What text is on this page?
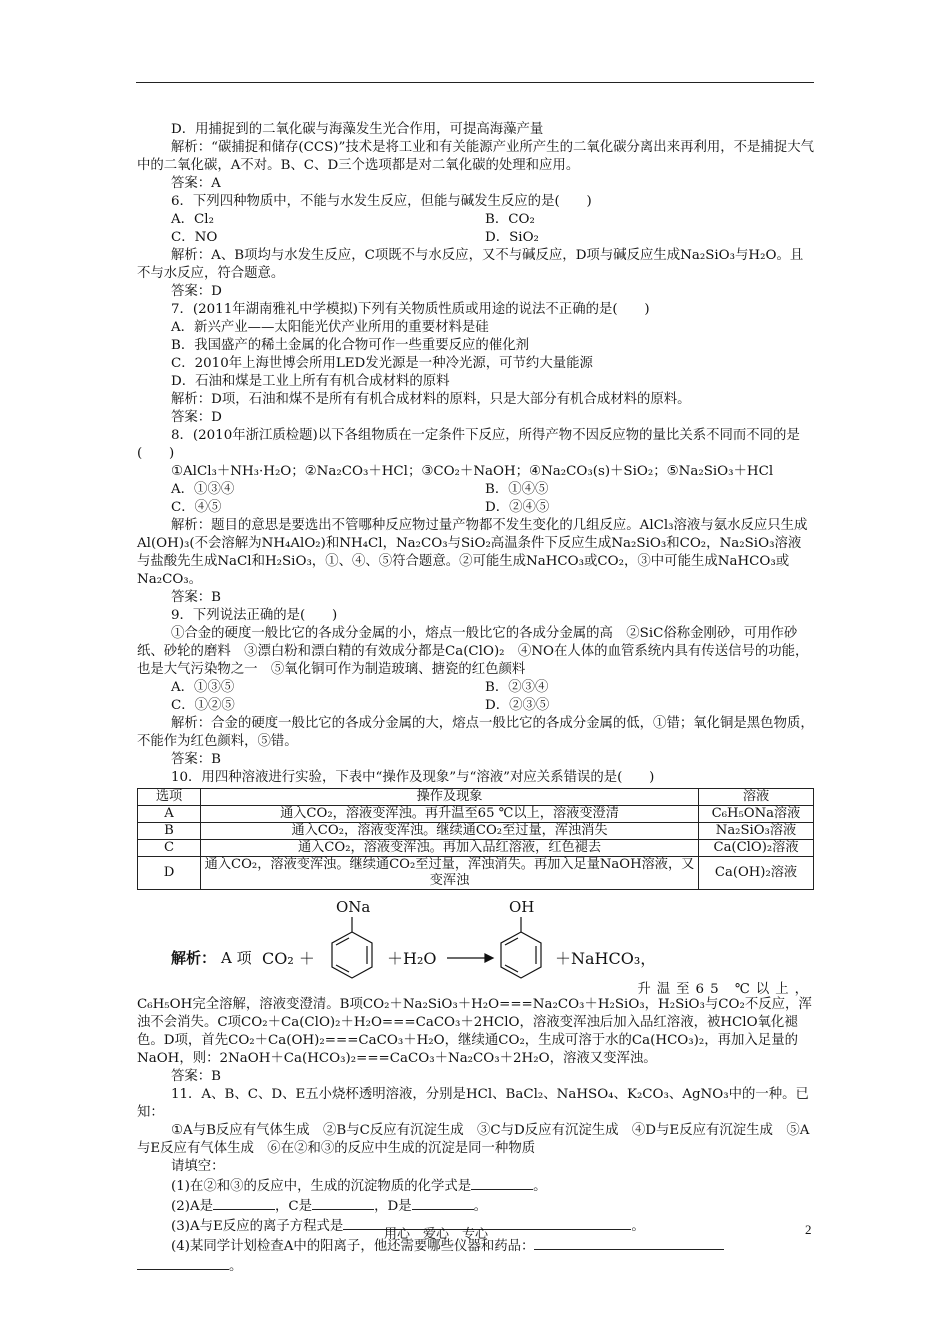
D．用捕捉到的二氧化碳与海藻发生光合作用，可提高海藻产量
解析：“碳捕捉和储存(CCS)”技术是将工业和有关能源产业所产生的二氧化碳分离出来再利用，不是捕捉大气中的二氧化碳，A不对。B、C、D三个选项都是对二氧化碳的处理和应用。
答案：A
6．下列四种物质中，不能与水发生反应，但能与碱发生反应的是(　　)
A．Cl₂	B．CO₂
C．NO	D．SiO₂
解析：A、B项均与水发生反应，C项既不与水反应，又不与碱反应，D项与碱反应生成Na₂SiO₃与H₂O。且不与水反应，符合题意。
答案：D
7．(2011年湖南雅礼中学模拟)下列有关物质性质或用途的说法不正确的是(　　)
A．新兴产业——太阳能光伏产业所用的重要材料是硅
B．我国盛产的稀土金属的化合物可作一些重要反应的催化剂
C．2010年上海世博会所用LED发光源是一种冷光源，可节约大量能源
D．石油和煤是工业上所有有机合成材料的原料
解析：D项，石油和煤不是所有有机合成材料的原料，只是大部分有机合成材料的原料。
答案：D
8．(2010年浙江质检题)以下各组物质在一定条件下反应，所得产物不因反应物的量比关系不同而不同的是(　　)
①AlCl₃＋NH₃·H₂O；②Na₂CO₃＋HCl；③CO₂＋NaOH；④Na₂CO₃(s)＋SiO₂；⑤Na₂SiO₃＋HCl
A．①③④	B．①④⑤
C．④⑤	D．②④⑤
解析：题目的意思是要选出不管哪种反应物过量产物都不发生变化的几组反应。AlCl₃溶液与氨水反应只生成Al(OH)₃(不会溶解为NH₄AlO₂)和NH₄Cl，Na₂CO₃与SiO₂高温条件下反应生成Na₂SiO₃和CO₂，Na₂SiO₃溶液与盐酸先生成NaCl和H₂SiO₃，①、④、⑤符合题意。②可能生成NaHCO₃或CO₂，③中可能生成NaHCO₃或Na₂CO₃。
答案：B
9．下列说法正确的是(　　)
①合金的硬度一般比它的各成分金属的小，熔点一般比它的各成分金属的高　②SiC俗称金刚砂，可用作砂纸、砂轮的磨料　③漂白粉和漂白精的有效成分都是Ca(ClO)₂　④NO在人体的血管系统内具有传送信号的功能，也是大气污染物之一　⑤氧化铜可作为制造玻璃、搪瓷的红色颜料
A．①③⑤	B．②③④
C．①②⑤	D．②③⑤
解析：合金的硬度一般比它的各成分金属的大，熔点一般比它的各成分金属的低，①错；氧化铜是黑色物质，不能作为红色颜料，⑤错。
答案：B
10．用四种溶液进行实验，下表中“操作及现象”与“溶液”对应关系错误的是(　　)
选项	操作及现象	溶液
A	通入CO₂，溶液变浑浊。再升温至65 ℃以上，溶液变澄清	C₆H₅ONa溶液
B	通入CO₂，溶液变浑浊。继续通CO₂至过量，浑浊消失	Na₂SiO₃溶液
C	通入CO₂，溶液变浑浊。再加入品红溶液，红色褪去	Ca(ClO)₂溶液
D	通入CO₂，溶液变浑浊。继续通CO₂至过量，浑浊消失。再加入足量NaOH溶液，又变浑浊	Ca(OH)₂溶液
CO₂ ＋
ONa
＋H₂O
OH
＋NaHCO₃，
解析： A 项
升温至65 ℃以上，
C₆H₅OH完全溶解，溶液变澄清。B项CO₂＋Na₂SiO₃＋H₂O===Na₂CO₃＋H₂SiO₃，H₂SiO₃与CO₂不反应，浑浊不会消失。C项CO₂＋Ca(ClO)₂＋H₂O===CaCO₃＋2HClO，溶液变浑浊后加入品红溶液，被HClO氧化褪色。D项，首先CO₂＋Ca(OH)₂===CaCO₃＋H₂O，继续通CO₂，生成可溶于水的Ca(HCO₃)₂，再加入足量的NaOH，则：2NaOH＋Ca(HCO₃)₂===CaCO₃＋Na₂CO₃＋2H₂O，溶液又变浑浊。
答案：B
11．A、B、C、D、E五小烧杯透明溶液，分别是HCl、BaCl₂、NaHSO₄、K₂CO₃、AgNO₃中的一种。已知：
①A与B反应有气体生成　②B与C反应有沉淀生成　③C与D反应有沉淀生成　④D与E反应有沉淀生成　⑤A与E反应有气体生成　⑥在②和③的反应中生成的沉淀是同一种物质
请填空：
(1)在②和③的反应中，生成的沉淀物质的化学式是	。
(2)A是	，C是	，D是	。
(3)A与E反应的离子方程式是	。
(4)某同学计划检查A中的阳离子，他还需要哪些仪器和药品：
。
用心　爱心　专心	2
